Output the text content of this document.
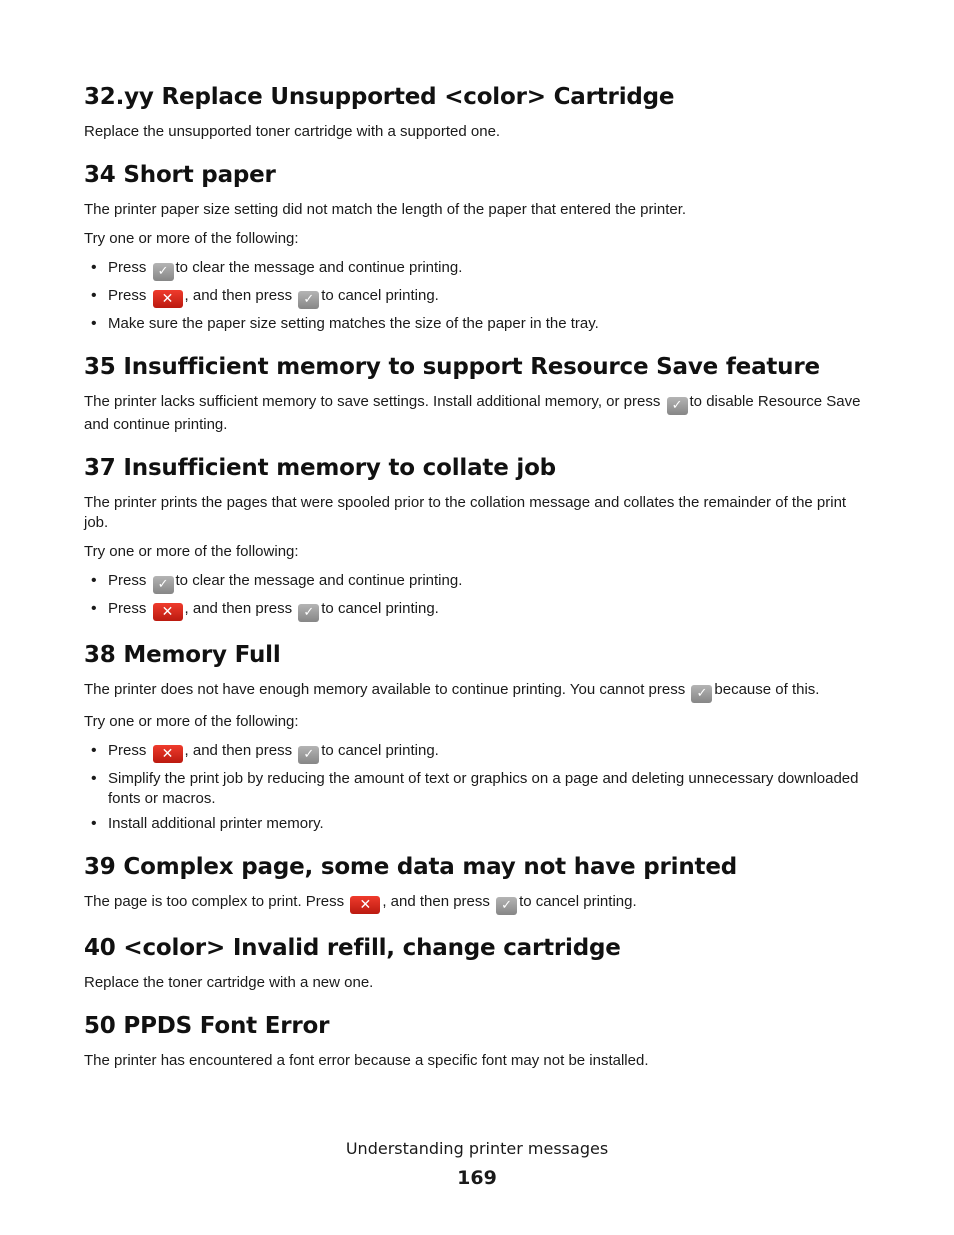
32.yy Replace Unsupported <color> Cartridge

Replace the unsupported toner cartridge with a supported one.

34 Short paper

The printer paper size setting did not match the length of the paper that entered the printer.

Try one or more of the following:

• Press ✓ to clear the message and continue printing.
• Press ✕ , and then press ✓ to cancel printing.
• Make sure the paper size setting matches the size of the paper in the tray.
35 Insufficient memory to support Resource Save feature

The printer lacks sufficient memory to save settings. Install additional memory, or press ✓ to disable Resource Save and continue printing.

37 Insufficient memory to collate job

The printer prints the pages that were spooled prior to the collation message and collates the remainder of the print job.

Try one or more of the following:

• Press ✓ to clear the message and continue printing.
• Press ✕ , and then press ✓ to cancel printing.
38 Memory Full

The printer does not have enough memory available to continue printing. You cannot press ✓ because of this.

Try one or more of the following:

• Press ✕ , and then press ✓ to cancel printing.
• Simplify the print job by reducing the amount of text or graphics on a page and deleting unnecessary downloaded fonts or macros.
• Install additional printer memory.
39 Complex page, some data may not have printed

The page is too complex to print. Press ✕ , and then press ✓ to cancel printing.

40 <color> Invalid refill, change cartridge

Replace the toner cartridge with a new one.

50 PPDS Font Error

The printer has encountered a font error because a specific font may not be installed.

Understanding printer messages
169
